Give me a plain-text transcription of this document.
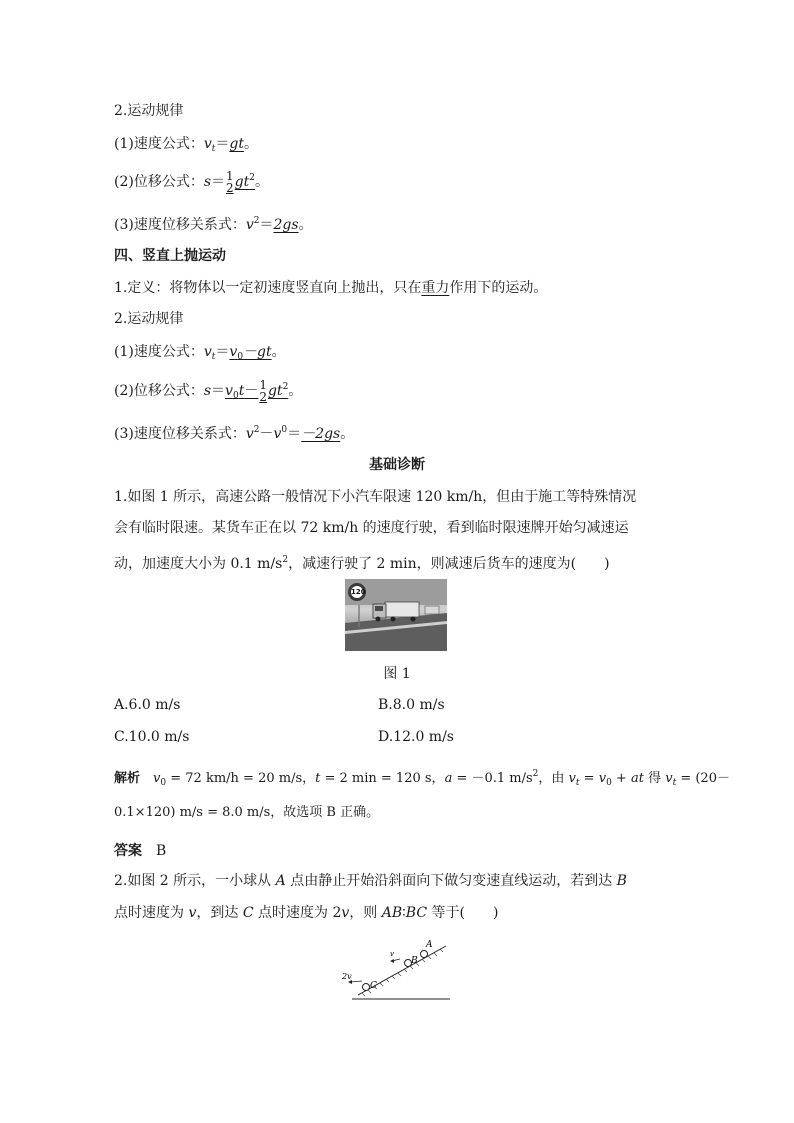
2.运动规律
(1)速度公式：$v_t=gt$。
(2)位移公式：s＝ 1
2 $gt^2$。
(3)速度位移关系式：$v^2=2gs$。
四、竖直上抛运动
1.定义：将物体以一定初速度竖直向上抛出，只在重力作用下的运动。
2.运动规律
(1)速度公式：$v_t=v_0-gt$。
(2)位移公式：$s=v_0t- 1$
2 $gt^2$。
(3)速度位移关系式：$v^2-v^0=-2gs$。
基础诊断
1.如图 1 所示，高速公路一般情况下小汽车限速 120 km/h，但由于施工等特殊情况
会有临时限速。某货车正在以 72 km/h 的速度行驶，看到临时限速牌开始匀减速运
动，加速度大小为 0.1 $m/s^2$，减速行驶了 2 min，则减速后货车的速度为(　　)
120
图 1
A.6.0 m/s	B.8.0 m/s
C.10.0 m/s	D.12.0 m/s
解析　 $v_0 = 72$ km/h = 20 m/s，t = 2 min = 120 s，a = －0.1 $m/s^2$，由 $v_t = v_0$ + at 得 $v_t = (20-$
0.1×120) m/s = 8.0 m/s，故选项 B 正确。
答案　 B
2.如图 2 所示，一小球从 A 点由静止开始沿斜面向下做匀变速直线运动，若到达 B
点时速度为 v，到达 C 点时速度为 2v，则 AB∶BC 等于(　　)
2v
C
v
B
A
